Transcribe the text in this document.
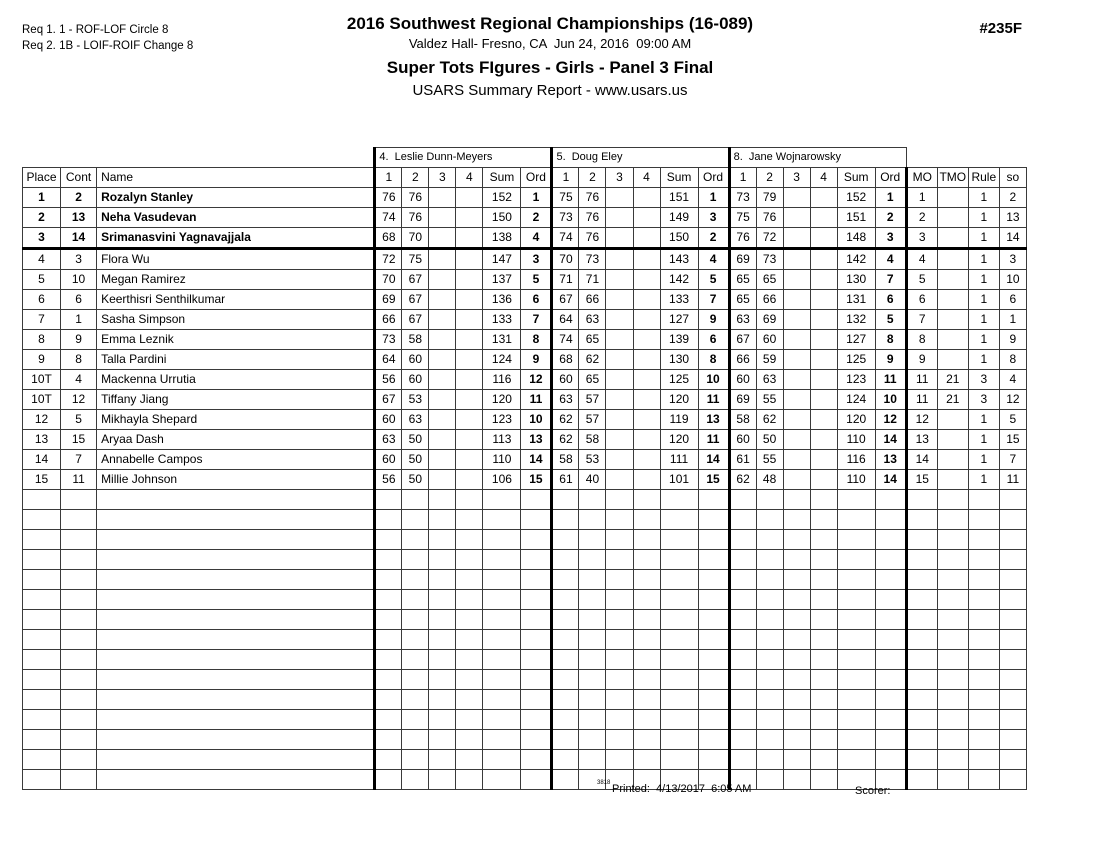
Req 1. 1 - ROF-LOF Circle 8
Req 2. 1B - LOIF-ROIF Change 8
2016 Southwest Regional Championships (16-089)
Valdez Hall- Fresno, CA  Jun 24, 2016  09:00 AM
Super Tots FIgures - Girls - Panel 3 Final
USARS Summary Report - www.usars.us
#235F
			4.  Leslie Dunn-Meyers						5.  Doug Eley						8.  Jane Wojnarowsky									
Place	Cont	Name	1	2	3	4	Sum	Ord	1	2	3	4	Sum	Ord	1	2	3	4	Sum	Ord	MO	TMO	Rule	so
1	2	Rozalyn Stanley	76	76			152	1	75	76			151	1	73	79			152	1	1		1	2
2	13	Neha Vasudevan	74	76			150	2	73	76			149	3	75	76			151	2	2		1	13
3	14	Srimanasvini Yagnavajjala	68	70			138	4	74	76			150	2	76	72			148	3	3		1	14
4	3	Flora Wu	72	75			147	3	70	73			143	4	69	73			142	4	4		1	3
5	10	Megan Ramirez	70	67			137	5	71	71			142	5	65	65			130	7	5		1	10
6	6	Keerthisri Senthilkumar	69	67			136	6	67	66			133	7	65	66			131	6	6		1	6
7	1	Sasha Simpson	66	67			133	7	64	63			127	9	63	69			132	5	7		1	1
8	9	Emma Leznik	73	58			131	8	74	65			139	6	67	60			127	8	8		1	9
9	8	Talla Pardini	64	60			124	9	68	62			130	8	66	59			125	9	9		1	8
10T	4	Mackenna Urrutia	56	60			116	12	60	65			125	10	60	63			123	11	11	21	3	4
10T	12	Tiffany Jiang	67	53			120	11	63	57			120	11	69	55			124	10	11	21	3	12
12	5	Mikhayla Shepard	60	63			123	10	62	57			119	13	58	62			120	12	12		1	5
13	15	Aryaa Dash	63	50			113	13	62	58			120	11	60	50			110	14	13		1	15
14	7	Annabelle Campos	60	50			110	14	58	53			111	14	61	55			116	13	14		1	7
15	11	Millie Johnson	56	50			106	15	61	40			101	15	62	48			110	14	15		1	11

3818 Printed:  4/13/2017  6:05 AM	Scorer:
